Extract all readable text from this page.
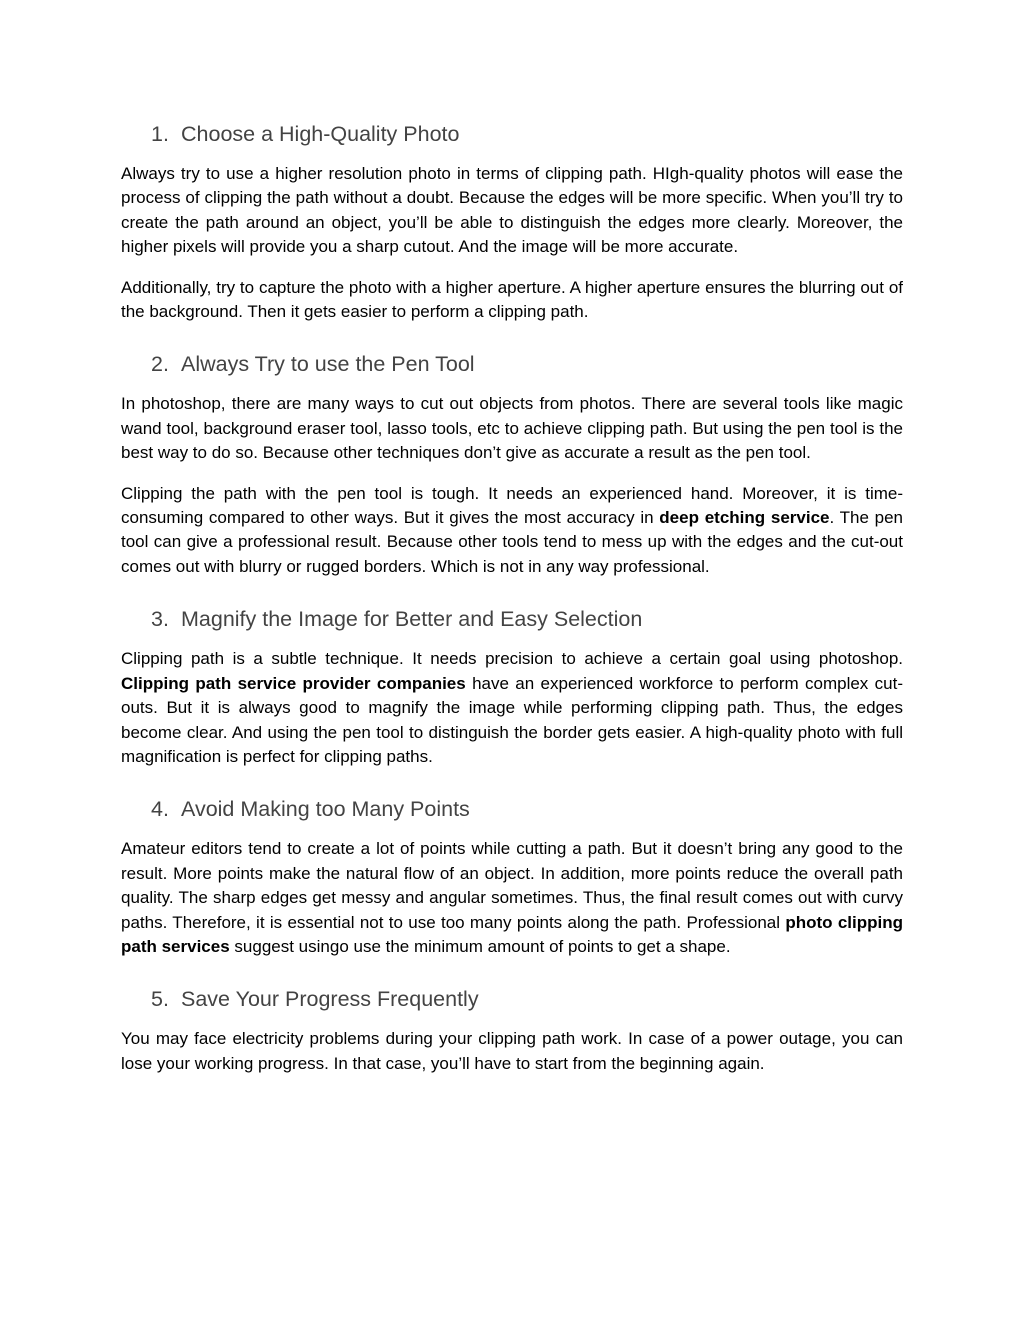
1. Choose a High-Quality Photo

Always try to use a higher resolution photo in terms of clipping path. HIgh-quality photos will ease the process of clipping the path without a doubt. Because the edges will be more specific. When you’ll try to create the path around an object, you’ll be able to distinguish the edges more clearly. Moreover, the higher pixels will provide you a sharp cutout. And the image will be more accurate.

Additionally, try to capture the photo with a higher aperture. A higher aperture ensures the blurring out of the background. Then it gets easier to perform a clipping path.

2. Always Try to use the Pen Tool

In photoshop, there are many ways to cut out objects from photos. There are several tools like magic wand tool, background eraser tool, lasso tools, etc to achieve clipping path. But using the pen tool is the best way to do so. Because other techniques don’t give as accurate a result as the pen tool.

Clipping the path with the pen tool is tough. It needs an experienced hand. Moreover, it is time-consuming compared to other ways. But it gives the most accuracy in deep etching service. The pen tool can give a professional result. Because other tools tend to mess up with the edges and the cut-out comes out with blurry or rugged borders. Which is not in any way professional.

3. Magnify the Image for Better and Easy Selection

Clipping path is a subtle technique. It needs precision to achieve a certain goal using photoshop. Clipping path service provider companies have an experienced workforce to perform complex cut-outs. But it is always good to magnify the image while performing clipping path. Thus, the edges become clear. And using the pen tool to distinguish the border gets easier. A high-quality photo with full magnification is perfect for clipping paths.

4. Avoid Making too Many Points

Amateur editors tend to create a lot of points while cutting a path. But it doesn’t bring any good to the result. More points make the natural flow of an object. In addition, more points reduce the overall path quality. The sharp edges get messy and angular sometimes. Thus, the final result comes out with curvy paths. Therefore, it is essential not to use too many points along the path. Professional photo clipping path services suggest usingo use the minimum amount of points to get a shape.

5. Save Your Progress Frequently

You may face electricity problems during your clipping path work. In case of a power outage, you can lose your working progress. In that case, you’ll have to start from the beginning again.
